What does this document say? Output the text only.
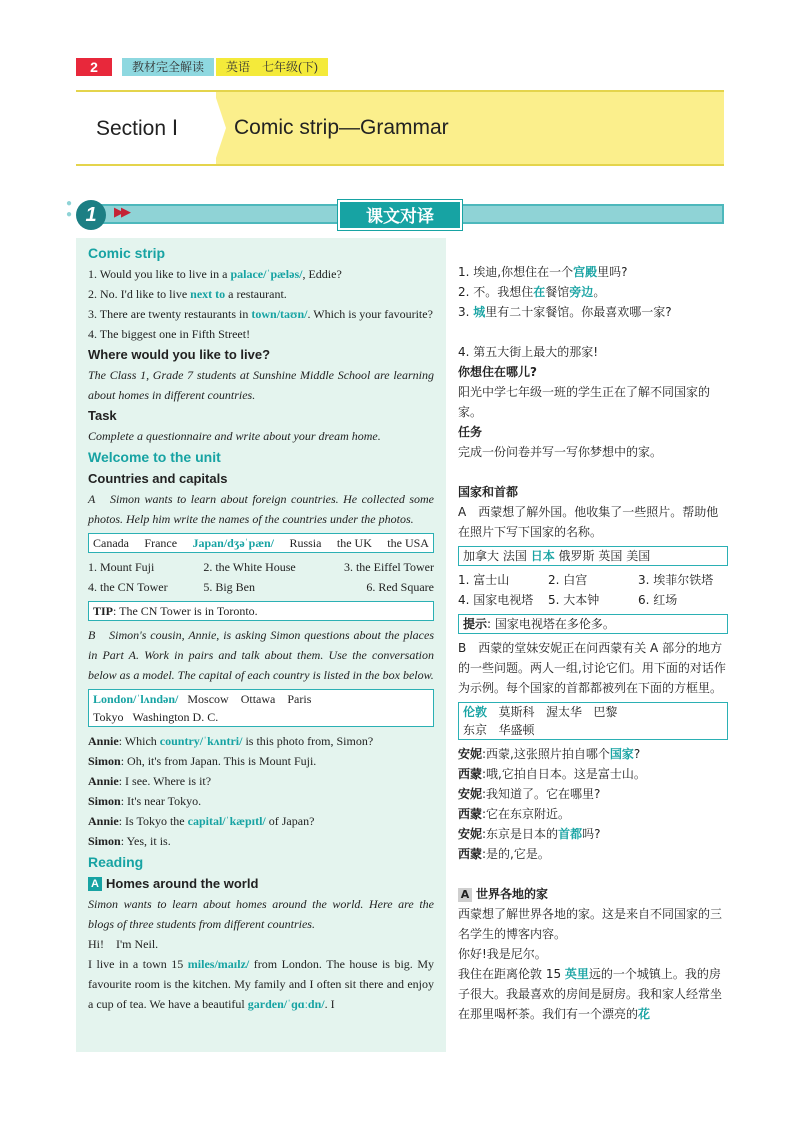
2	教材完全解读	英语　七年级(下)
Section Ⅰ	Comic strip—Grammar
●
● 1	▶▶	课文对译
Comic strip
1. Would you like to live in a palace/ˈpæləs/, Eddie?
2. No. I'd like to live next to a restaurant.
3. There are twenty restaurants in town/taʊn/. Which is your favourite?
4. The biggest one in Fifth Street!
Where would you like to live?
The Class 1, Grade 7 students at Sunshine Middle School are learning about homes in different countries.
Task
Complete a questionnaire and write about your dream home.
Welcome to the unit
Countries and capitals
A　Simon wants to learn about foreign countries. He collected some photos. Help him write the names of the countries under the photos.
Canada France Japan/dʒəˈpæn/ Russia the UK the USA
1. Mount Fuji	2. the White House	3. the Eiffel Tower
4. the CN Tower	5. Big Ben	6. Red Square
TIP: The CN Tower is in Toronto.
B　Simon's cousin, Annie, is asking Simon questions about the places in Part A. Work in pairs and talk about them. Use the conversation below as a model. The capital of each country is listed in the box below.
London/ˈlʌndən/ Moscow Ottawa Paris
Tokyo Washington D. C.
Annie: Which country/ˈkʌntri/ is this photo from, Simon?
Simon: Oh, it's from Japan. This is Mount Fuji.
Annie: I see. Where is it?
Simon: It's near Tokyo.
Annie: Is Tokyo the capital/ˈkæpɪtl/ of Japan?
Simon: Yes, it is.
Reading
A Homes around the world
Simon wants to learn about homes around the world. Here are the blogs of three students from different countries.
Hi!　I'm Neil.
I live in a town 15 miles/maɪlz/ from London. The house is big. My favourite room is the kitchen. My family and I often sit there and enjoy a cup of tea. We have a beautiful garden/ˈɡɑːdn/. I
1. 埃迪,你想住在一个宫殿里吗?
2. 不。我想住在餐馆旁边。
3. 城里有二十家餐馆。你最喜欢哪一家?
4. 第五大街上最大的那家!
你想住在哪儿?
阳光中学七年级一班的学生正在了解不同国家的家。
任务
完成一份问卷并写一写你梦想中的家。
国家和首都
A　西蒙想了解外国。他收集了一些照片。帮助他在照片下写下国家的名称。
加拿大 法国 日本 俄罗斯 英国 美国
1. 富士山	2. 白宫	3. 埃菲尔铁塔
4. 国家电视塔	5. 大本钟	6. 红场
提示: 国家电视塔在多伦多。
B　西蒙的堂妹安妮正在问西蒙有关 A 部分的地方的一些问题。两人一组,讨论它们。用下面的对话作为示例。每个国家的首都都被列在下面的方框里。
伦敦 莫斯科 渥太华 巴黎
东京 华盛顿
安妮:西蒙,这张照片拍自哪个国家?
西蒙:哦,它拍自日本。这是富士山。
安妮:我知道了。它在哪里?
西蒙:它在东京附近。
安妮:东京是日本的首都吗?
西蒙:是的,它是。
A 世界各地的家
西蒙想了解世界各地的家。这是来自不同国家的三名学生的博客内容。
你好!我是尼尔。
我住在距离伦敦 15 英里远的一个城镇上。我的房子很大。我最喜欢的房间是厨房。我和家人经常坐在那里喝杯茶。我们有一个漂亮的花
